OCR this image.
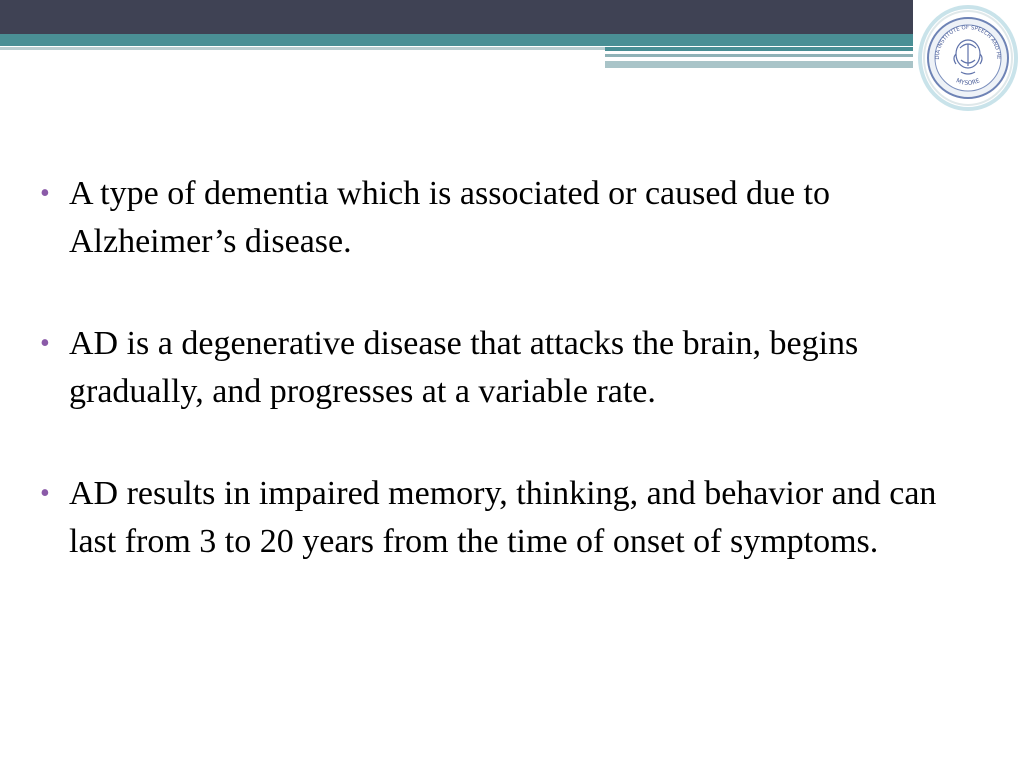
DIA INSTITUTE OF SPEECH AND HE
MYSORE
• A type of dementia which is associated or caused due to Alzheimer’s disease.
• AD is a degenerative disease that attacks the brain, begins gradually, and progresses at a variable rate.
• AD results in impaired memory, thinking, and behavior and can last from 3 to 20 years from the time of onset of symptoms.
